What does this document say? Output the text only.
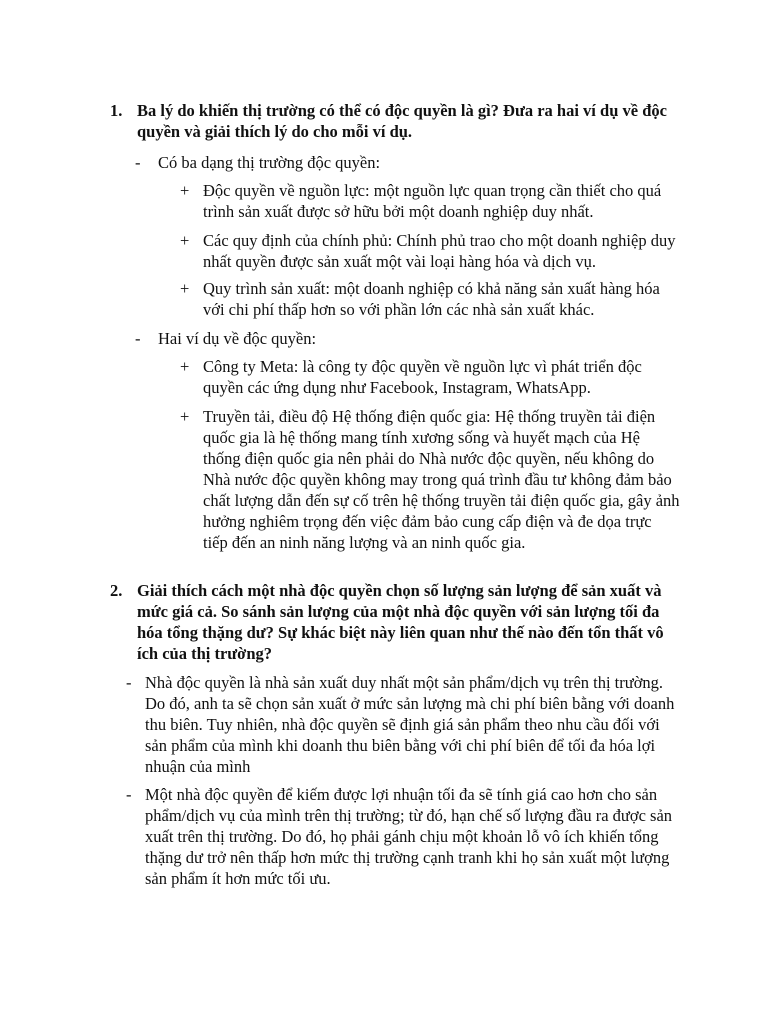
1. Ba lý do khiến thị trường có thể có độc quyền là gì? Đưa ra hai ví dụ về độc quyền và giải thích lý do cho mỗi ví dụ.
- Có ba dạng thị trường độc quyền:
+ Độc quyền về nguồn lực: một nguồn lực quan trọng cần thiết cho quá trình sản xuất được sở hữu bởi một doanh nghiệp duy nhất.
+ Các quy định của chính phủ: Chính phủ trao cho một doanh nghiệp duy nhất quyền được sản xuất một vài loại hàng hóa và dịch vụ.
+ Quy trình sản xuất: một doanh nghiệp có khả năng sản xuất hàng hóa với chi phí thấp hơn so với phần lớn các nhà sản xuất khác.
- Hai ví dụ về độc quyền:
+ Công ty Meta: là công ty độc quyền về nguồn lực vì phát triển độc quyền các ứng dụng như Facebook, Instagram, WhatsApp.
+ Truyền tải, điều độ Hệ thống điện quốc gia: Hệ thống truyền tải điện quốc gia là hệ thống mang tính xương sống và huyết mạch của Hệ thống điện quốc gia nên phải do Nhà nước độc quyền, nếu không do Nhà nước độc quyền không may trong quá trình đầu tư không đảm bảo chất lượng dẫn đến sự cố trên hệ thống truyền tải điện quốc gia, gây ảnh hưởng nghiêm trọng đến việc đảm bảo cung cấp điện và đe dọa trực tiếp đến an ninh năng lượng và an ninh quốc gia.
2. Giải thích cách một nhà độc quyền chọn số lượng sản lượng để sản xuất và mức giá cả. So sánh sản lượng của một nhà độc quyền với sản lượng tối đa hóa tổng thặng dư? Sự khác biệt này liên quan như thế nào đến tổn thất vô ích của thị trường?
- Nhà độc quyền là nhà sản xuất duy nhất một sản phẩm/dịch vụ trên thị trường. Do đó, anh ta sẽ chọn sản xuất ở mức sản lượng mà chi phí biên bằng với doanh thu biên. Tuy nhiên, nhà độc quyền sẽ định giá sản phẩm theo nhu cầu đối với sản phẩm của mình khi doanh thu biên bằng với chi phí biên để tối đa hóa lợi nhuận của mình
- Một nhà độc quyền để kiếm được lợi nhuận tối đa sẽ tính giá cao hơn cho sản phẩm/dịch vụ của mình trên thị trường; từ đó, hạn chế số lượng đầu ra được sản xuất trên thị trường. Do đó, họ phải gánh chịu một khoản lỗ vô ích khiến tổng thặng dư trở nên thấp hơn mức thị trường cạnh tranh khi họ sản xuất một lượng sản phẩm ít hơn mức tối ưu.
